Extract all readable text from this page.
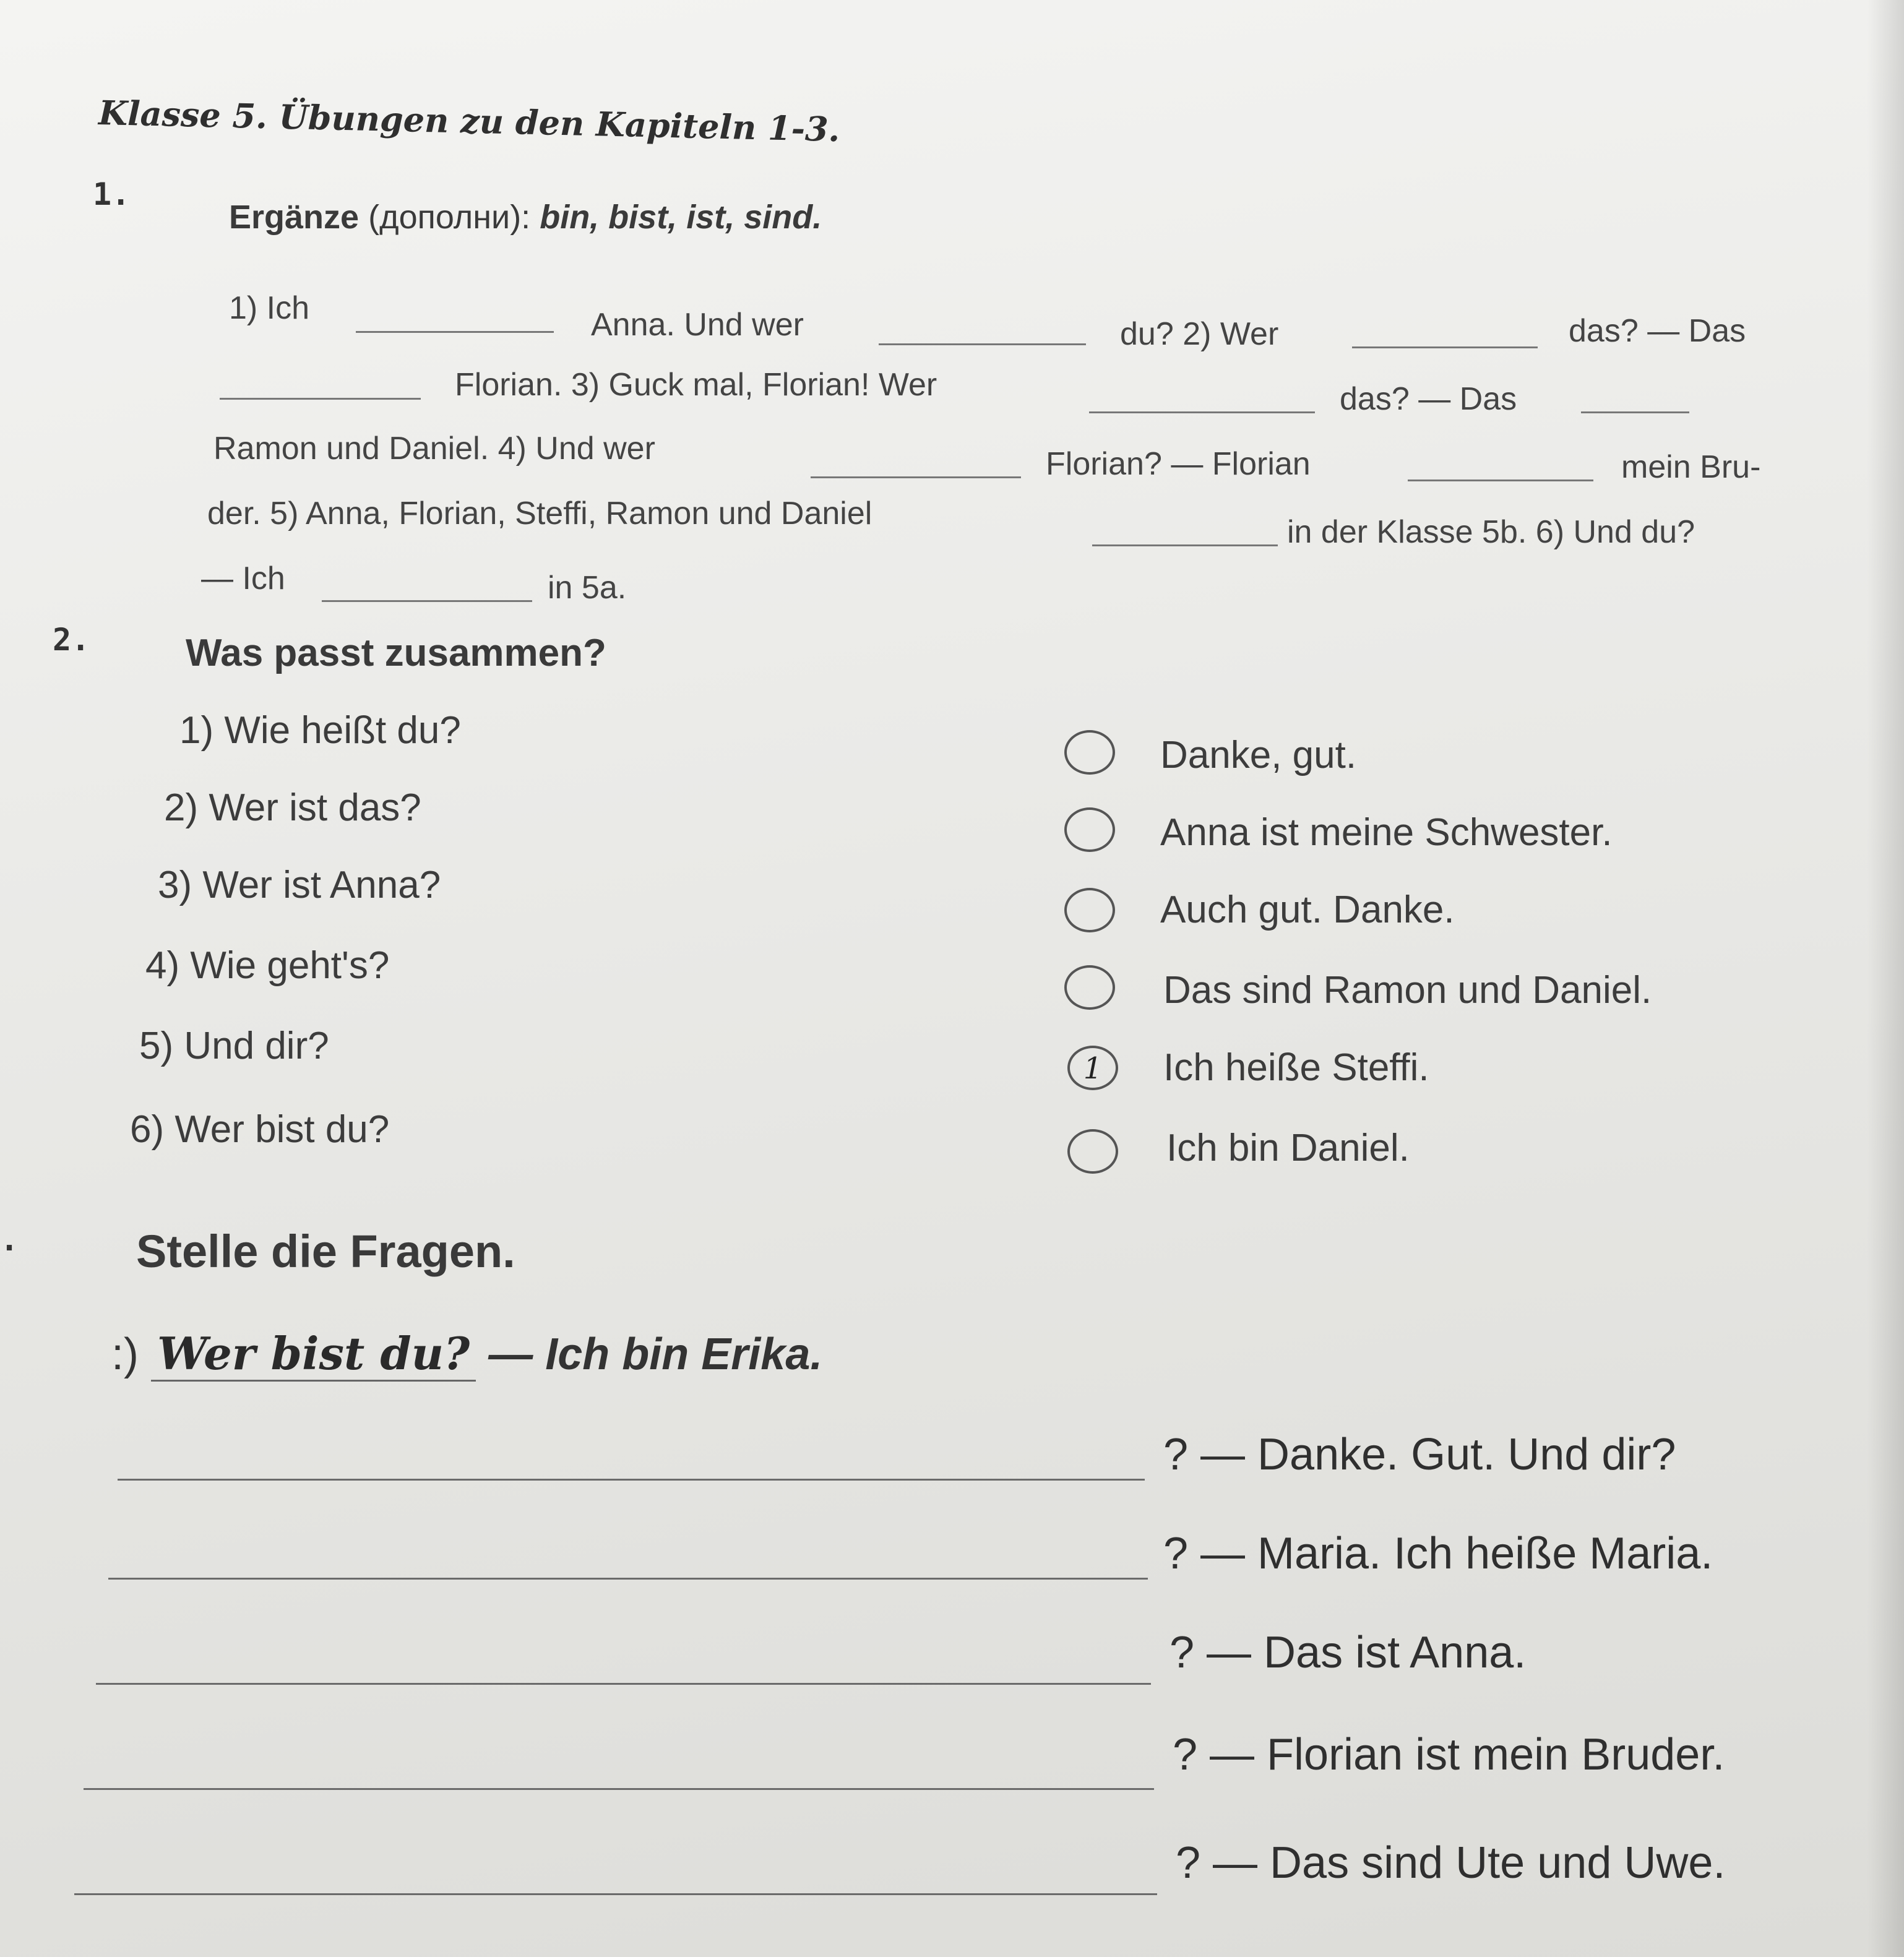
Klasse 5. Übungen zu den Kapiteln 1-3.
1.
Ergänze (дополни): bin, bist, ist, sind.
1) Ich	Anna. Und wer	du? 2) Wer	das? — Das
Florian. 3) Guck mal, Florian! Wer	das? — Das
Ramon und Daniel. 4) Und wer	Florian? — Florian	mein Bru-
der. 5) Anna, Florian, Steffi, Ramon und Daniel
in der Klasse 5b. 6) Und du?
— Ich	in 5a.
2. Was passt zusammen?
1) Wie heißt du?
2) Wer ist das?
3) Wer ist Anna?
4) Wie geht's?
5) Und dir?
6) Wer bist du?
Danke, gut.
Anna ist meine Schwester.
Auch gut. Danke.
Das sind Ramon und Daniel.
1	Ich heiße Steffi.
Ich bin Daniel.
.	Stelle die Fragen.
:) Wer bist du? — Ich bin Erika.
? — Danke. Gut. Und dir?
? — Maria. Ich heiße Maria.
? — Das ist Anna.
? — Florian ist mein Bruder.
? — Das sind Ute und Uwe.
